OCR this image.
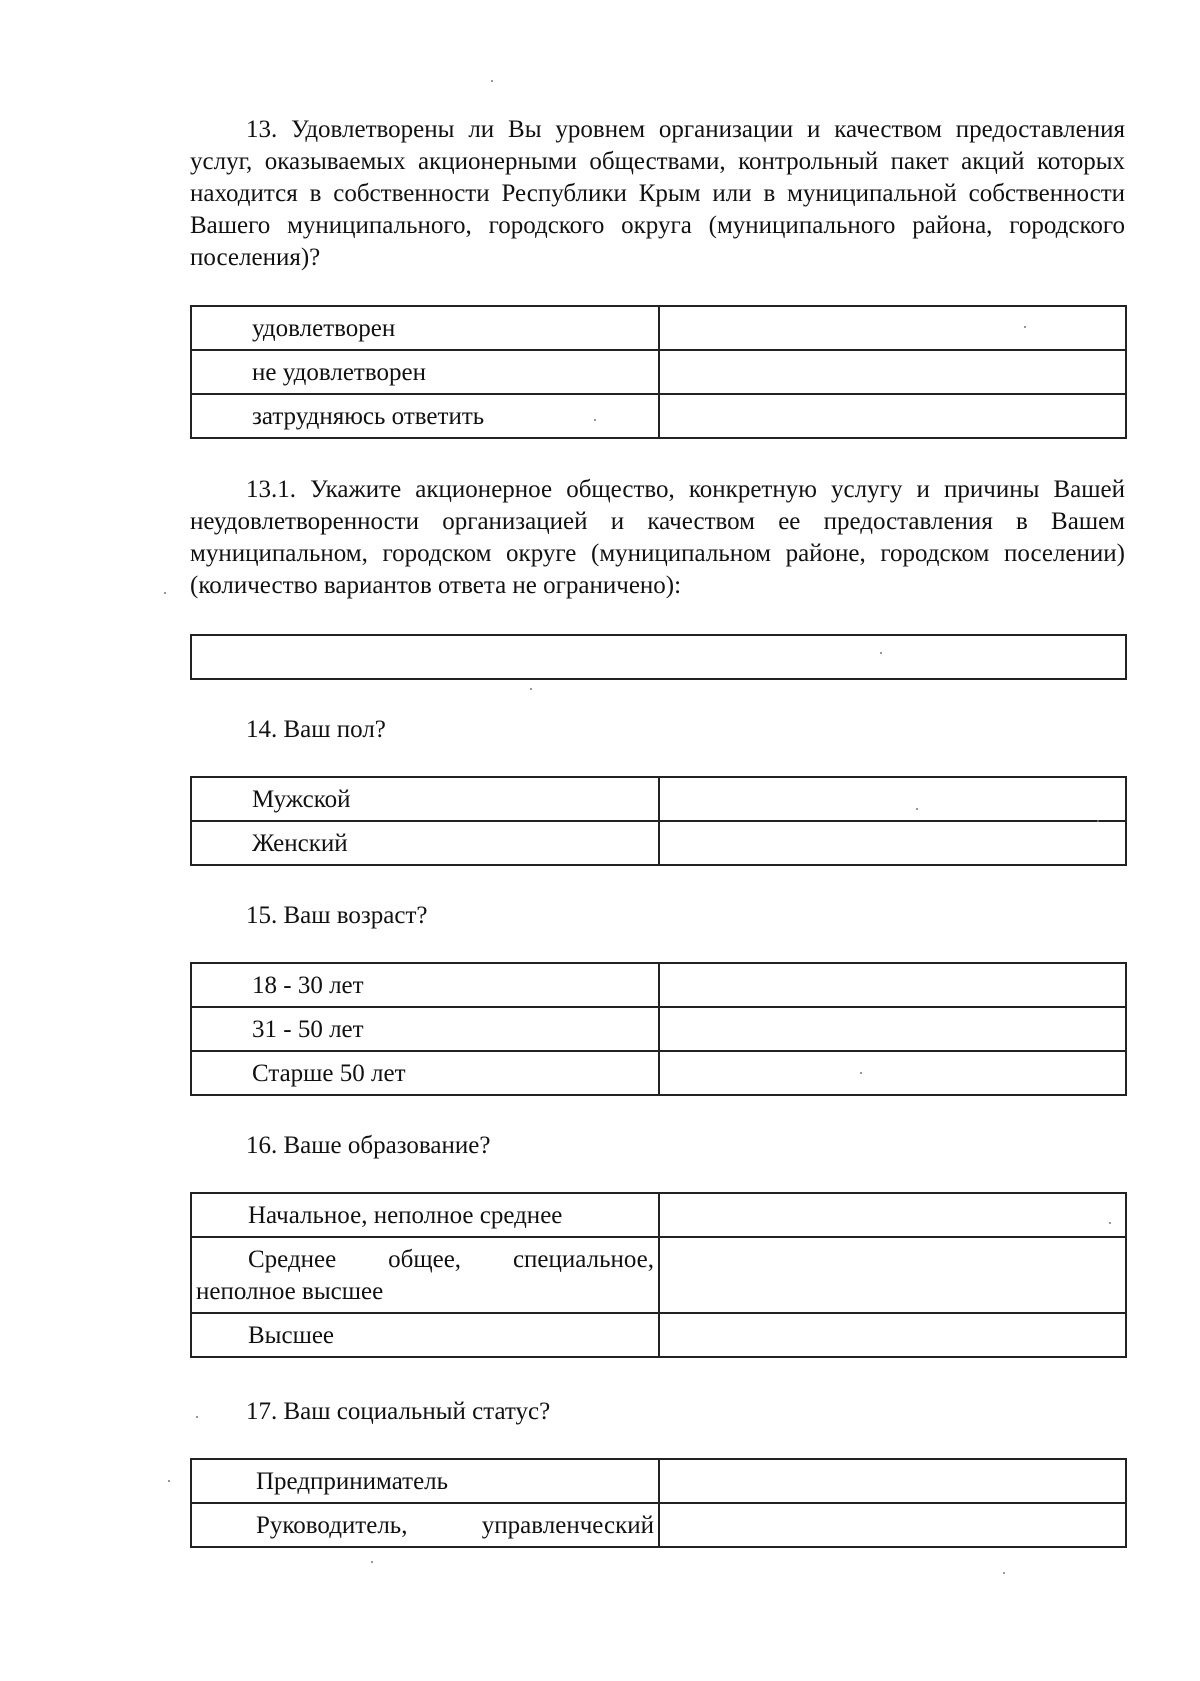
13. Удовлетворены ли Вы уровнем организации и качеством предоставления услуг, оказываемых акционерными обществами, контрольный пакет акций которых находится в собственности Республики Крым или в муниципальной собственности Вашего муниципального, городского округа (муниципального района, городского поселения)?
удовлетворен	

не удовлетворен	

затрудняюсь ответить	

13.1. Укажите акционерное общество, конкретную услугу и причины Вашей неудовлетворенности организацией и качеством ее предоставления в Вашем муниципальном, городском округе (муниципальном районе, городском поселении) (количество вариантов ответа не ограничено):
14. Ваш пол?
Мужской	

Женский	

15. Ваш возраст?
18 - 30 лет	

31 - 50 лет	

Старше 50 лет	

16. Ваше образование?
Начальное, неполное среднее	

Среднее общее, специальное, неполное высшее	

Высшее	

17. Ваш социальный статус?
Предприниматель	

Руководитель, управленческий	
